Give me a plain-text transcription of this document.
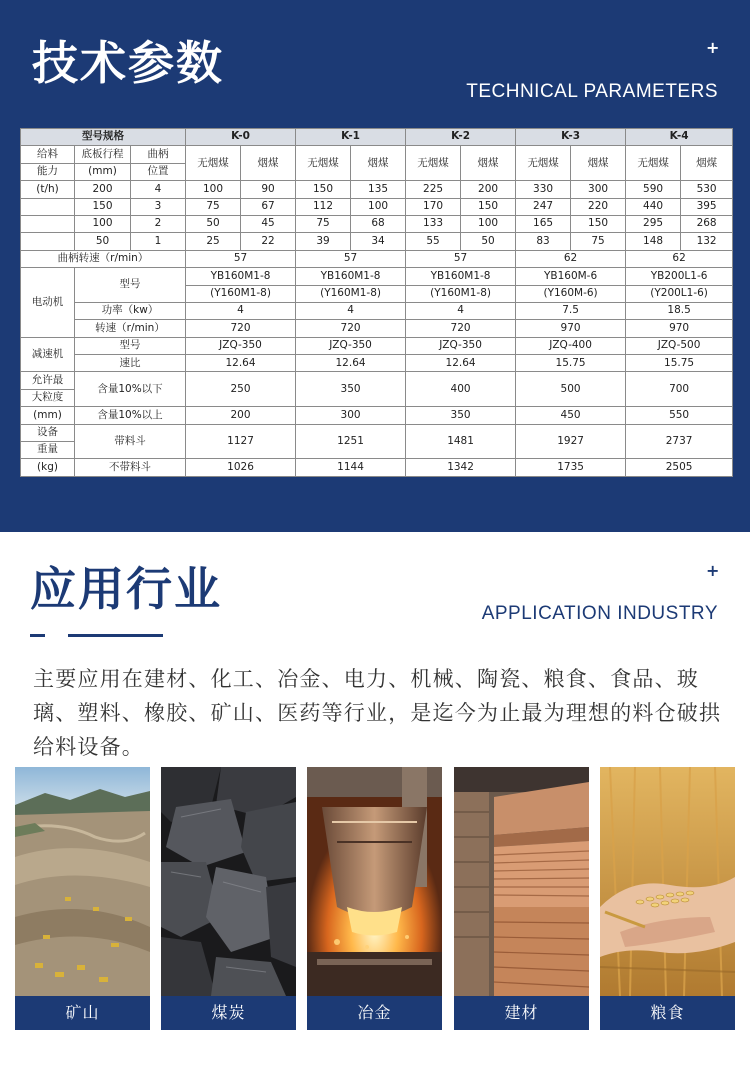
技术参数	+
TECHNICAL PARAMETERS
型号规格			K-0		K-1		K-2		K-3		K-4	
给料	底板行程	曲柄	无烟煤	烟煤	无烟煤	烟煤	无烟煤	烟煤	无烟煤	烟煤	无烟煤	烟煤
能力	(mm)	位置										
(t/h)	200	4	100	90	150	135	225	200	330	300	590	530
	150	3	75	67	112	100	170	150	247	220	440	395
	100	2	50	45	75	68	133	100	165	150	295	268
	50	1	25	22	39	34	55	50	83	75	148	132
曲柄转速（r/min）			57		57		57		62		62	
电动机	型号		YB160M1-8		YB160M1-8		YB160M1-8		YB160M-6		YB200L1-6	
			(Y160M1-8)		(Y160M1-8)		(Y160M1-8)		(Y160M-6)		(Y200L1-6)	
	功率（kw）		4		4		4		7.5		18.5	
	转速（r/min）		720		720		720		970		970	
减速机	型号		JZQ-350		JZQ-350		JZQ-350		JZQ-400		JZQ-500	
	速比		12.64		12.64		12.64		15.75		15.75	
允许最	含量10%以下		250		350		400		500		700	
大粒度												
(mm)	含量10%以上		200		300		350		450		550	
设备	带料斗		1127		1251		1481		1927		2737	
重量												
(kg)	不带料斗		1026		1144		1342		1735		2505	
应用行业	+
APPLICATION INDUSTRY

主要应用在建材、化工、冶金、电力、机械、陶瓷、粮食、食品、玻璃、塑料、橡胶、矿山、医药等行业，是迄今为止最为理想的料仓破拱给料设备。

矿山	煤炭	冶金	建材	粮食
